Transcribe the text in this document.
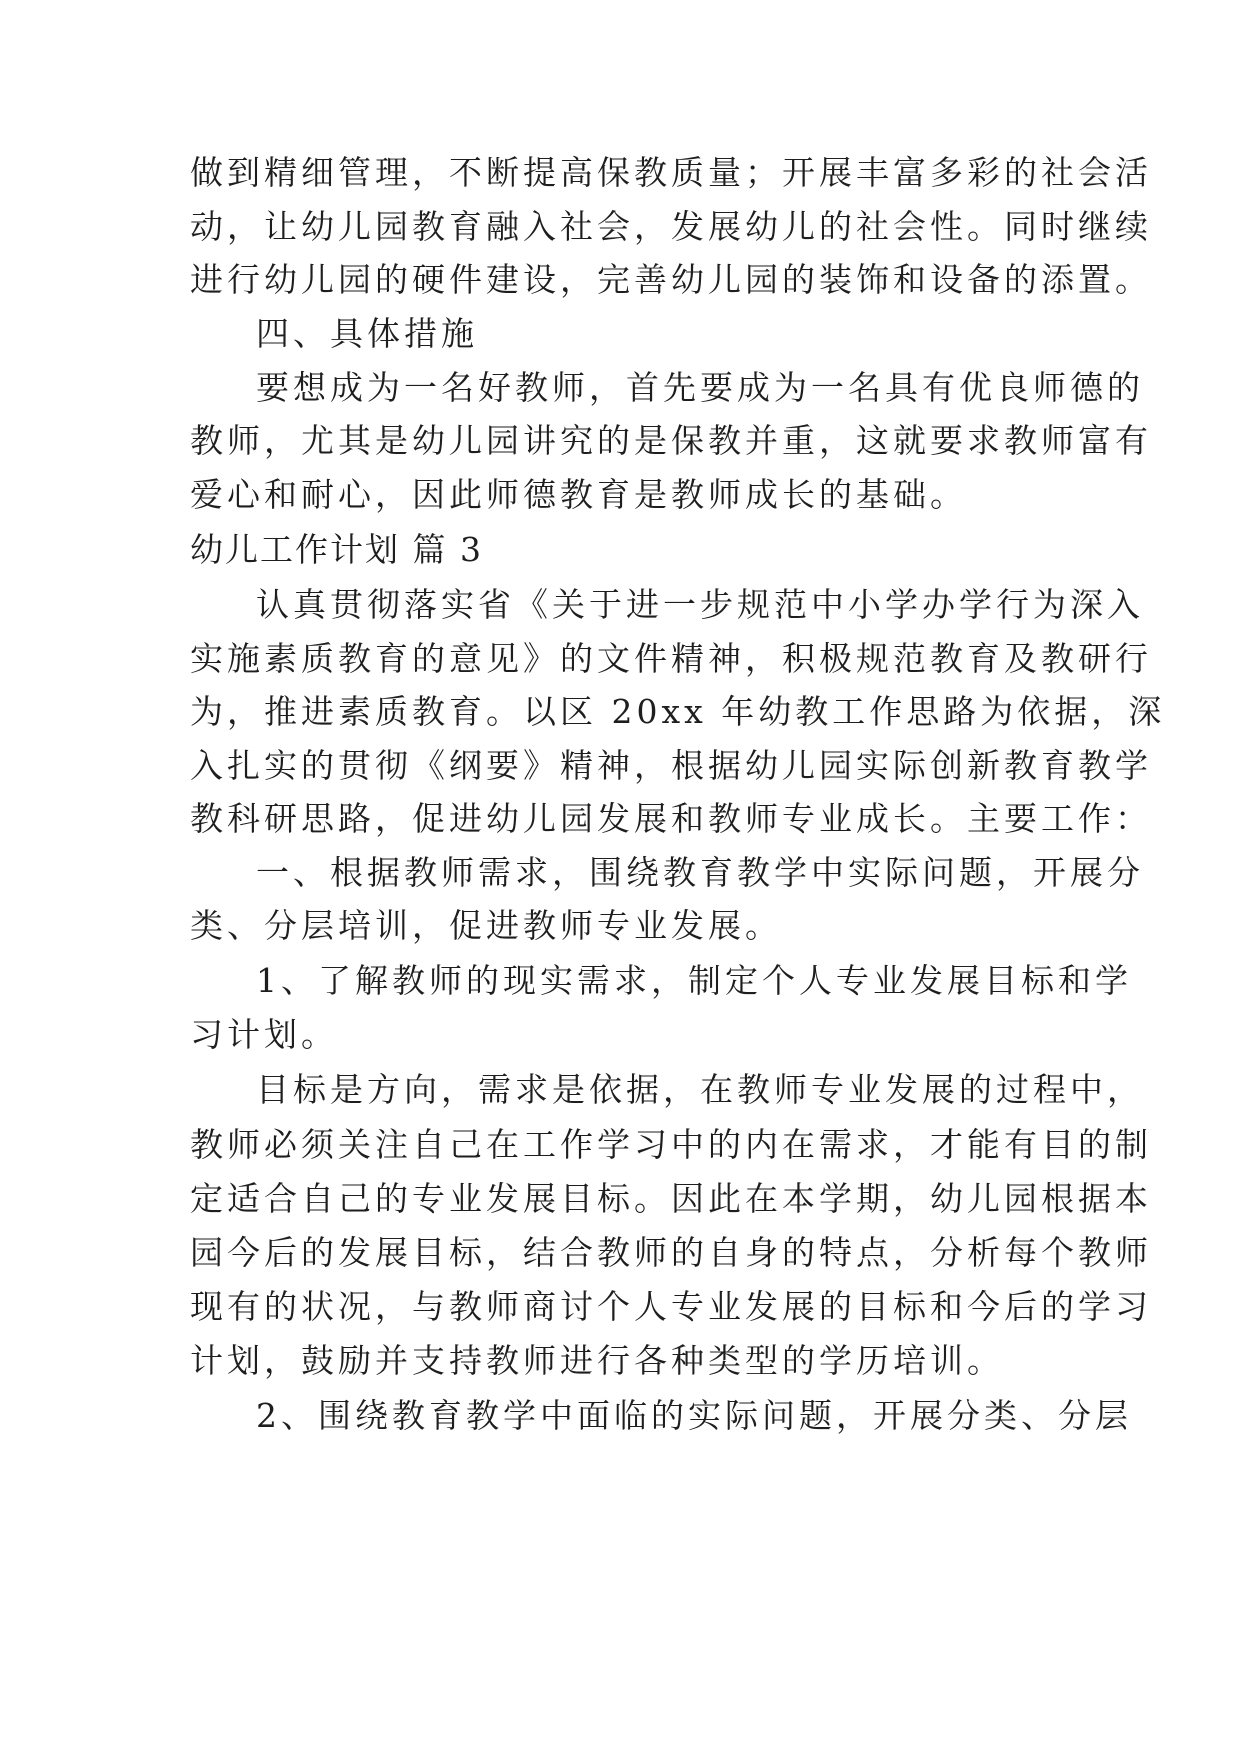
做到精细管理，不断提高保教质量；开展丰富多彩的社会活
动，让幼儿园教育融入社会，发展幼儿的社会性。同时继续
进行幼儿园的硬件建设，完善幼儿园的装饰和设备的添置。
四、具体措施
要想成为一名好教师，首先要成为一名具有优良师德的
教师，尤其是幼儿园讲究的是保教并重，这就要求教师富有
爱心和耐心，因此师德教育是教师成长的基础。
幼儿工作计划 篇 3
认真贯彻落实省《关于进一步规范中小学办学行为深入
实施素质教育的意见》的文件精神，积极规范教育及教研行
为，推进素质教育。以区 20xx 年幼教工作思路为依据，深
入扎实的贯彻《纲要》精神，根据幼儿园实际创新教育教学
教科研思路，促进幼儿园发展和教师专业成长。主要工作：
一、根据教师需求，围绕教育教学中实际问题，开展分
类、分层培训，促进教师专业发展。
1、了解教师的现实需求，制定个人专业发展目标和学
习计划。
目标是方向，需求是依据，在教师专业发展的过程中，
教师必须关注自己在工作学习中的内在需求，才能有目的制
定适合自己的专业发展目标。因此在本学期，幼儿园根据本
园今后的发展目标，结合教师的自身的特点，分析每个教师
现有的状况，与教师商讨个人专业发展的目标和今后的学习
计划，鼓励并支持教师进行各种类型的学历培训。
2、围绕教育教学中面临的实际问题，开展分类、分层
